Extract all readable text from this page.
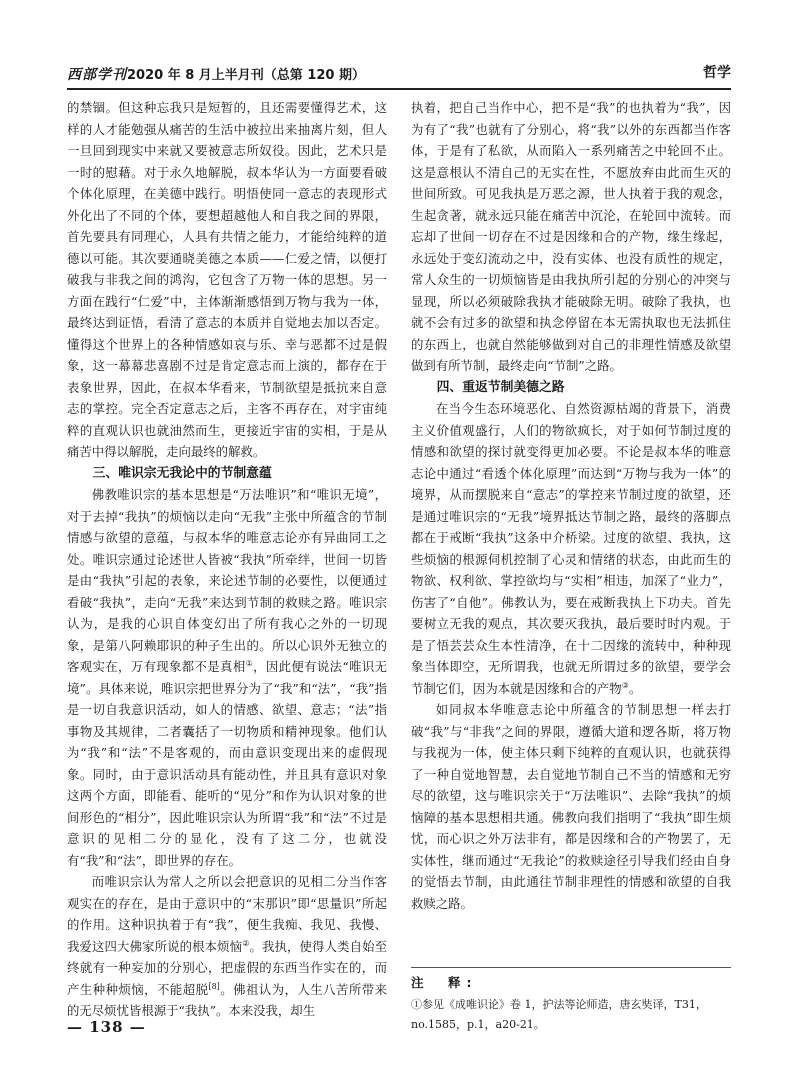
西部学刊2020 年 8 月上半月刊（总第 120 期）	哲学

的禁锢。但这种忘我只是短暂的，且还需要懂得艺术，这样的人才能勉强从痛苦的生活中被拉出来抽离片刻，但人一旦回到现实中来就又要被意志所奴役。因此，艺术只是一时的慰藉。对于永久地解脱，叔本华认为一方面要看破个体化原理，在美德中践行。明悟使同一意志的表现形式外化出了不同的个体，要想超越他人和自我之间的界限，首先要具有同理心，人具有共情之能力，才能给纯粹的道德以可能。其次要通晓美德之本质——仁爱之情，以便打破我与非我之间的鸿沟，它包含了万物一体的思想。另一方面在践行“仁爱”中，主体渐渐感悟到万物与我为一体，最终达到证悟，看清了意志的本质并自觉地去加以否定。懂得这个世界上的各种情感如哀与乐、幸与恶都不过是假象，这一幕幕悲喜剧不过是肯定意志而上演的，都存在于表象世界，因此，在叔本华看来，节制欲望是抵抗来自意志的掌控。完全否定意志之后，主客不再存在，对宇宙纯粹的直观认识也就油然而生，更接近宇宙的实相，于是从痛苦中得以解脱，走向最终的解救。

三、唯识宗无我论中的节制意蕴

佛教唯识宗的基本思想是“万法唯识”和“唯识无境”，对于去掉“我执”的烦恼以走向“无我”主张中所蕴含的节制情感与欲望的意蕴，与叔本华的唯意志论亦有异曲同工之处。唯识宗通过论述世人皆被“我执”所牵绊，世间一切皆是由“我执”引起的表象，来论述节制的必要性，以便通过看破“我执”，走向“无我”来达到节制的救赎之路。唯识宗认为，是我的心识自体变幻出了所有我心之外的一切现象，是第八阿赖耶识的种子生出的。所以心识外无独立的客观实在，万有现象都不是真相①，因此便有说法“唯识无境”。具体来说，唯识宗把世界分为了“我”和“法”，“我”指是一切自我意识活动，如人的情感、欲望、意志；“法”指事物及其规律，二者囊括了一切物质和精神现象。他们认为“我”和“法”不是客观的，而由意识变现出来的虚假现象。同时，由于意识活动具有能动性，并且具有意识对象这两个方面，即能看、能听的“见分”和作为认识对象的世间形色的“相分”，因此唯识宗认为所谓“我”和“法”不过是意识的见相二分的显化，没有了这二分，也就没有“我”和“法”，即世界的存在。

而唯识宗认为常人之所以会把意识的见相二分当作客观实在的存在，是由于意识中的“末那识”即“思量识”所起的作用。这种识执着于有“我”，便生我痴、我见、我慢、我爱这四大佛家所说的根本烦恼②。我执，使得人类自始至终就有一种妄加的分别心，把虚假的东西当作实在的，而产生种种烦恼，不能超脱[8]。佛祖认为，人生八苦所带来的无尽烦忧皆根源于“我执”。本来没我，却生

执着，把自己当作中心，把不是“我”的也执着为“我”，因为有了“我”也就有了分别心，将“我”以外的东西都当作客体，于是有了私欲，从而陷入一系列痛苦之中轮回不止。这是意根认不清自己的无实在性，不愿放弃由此而生灭的世间所致。可见我执是万恶之源，世人执着于我的观念，生起贪著，就永远只能在痛苦中沉沦，在轮回中流转。而忘却了世间一切存在不过是因缘和合的产物，缘生缘起，永远处于变幻流动之中，没有实体、也没有质性的规定，常人众生的一切烦恼皆是由我执所引起的分别心的冲突与显现，所以必须破除我执才能破除无明。破除了我执，也就不会有过多的欲望和执念停留在本无需执取也无法抓住的东西上，也就自然能够做到对自己的非理性情感及欲望做到有所节制，最终走向“节制”之路。

四、重返节制美德之路

在当今生态环境恶化、自然资源枯竭的背景下，消费主义价值观盛行，人们的物欲疯长，对于如何节制过度的情感和欲望的探讨就变得更加必要。不论是叔本华的唯意志论中通过“看透个体化原理”而达到“万物与我为一体”的境界，从而摆脱来自“意志”的掌控来节制过度的欲望，还是通过唯识宗的“无我”境界抵达节制之路，最终的落脚点都在于戒断“我执”这条中介桥梁。过度的欲望、我执，这些烦恼的根源伺机控制了心灵和情绪的状态，由此而生的物欲、权利欲、掌控欲均与“实相”相违，加深了“业力”，伤害了“自他”。佛教认为，要在戒断我执上下功夫。首先要树立无我的观点，其次要灭我执，最后要时时内观。于是了悟芸芸众生本性清净，在十二因缘的流转中，种种现象当体即空，无所谓我，也就无所谓过多的欲望，要学会节制它们，因为本就是因缘和合的产物③。

如同叔本华唯意志论中所蕴含的节制思想一样去打破“我”与“非我”之间的界限，遵循大道和逻各斯，将万物与我视为一体，使主体只剩下纯粹的直观认识，也就获得了一种自觉地智慧，去自觉地节制自己不当的情感和无穷尽的欲望，这与唯识宗关于“万法唯识”、去除“我执”的烦恼障的基本思想相共通。佛教向我们指明了“我执”即生烦忧，而心识之外万法非有，都是因缘和合的产物罢了，无实体性，继而通过“无我论”的救赎途径引导我们经由自身的觉悟去节制，由此通往节制非理性的情感和欲望的自我救赎之路。

注　释:

①参见《成唯识论》卷 1，护法等论师造，唐玄奘译，T31，no.1585，p.1，a20-21。

— 138 —
